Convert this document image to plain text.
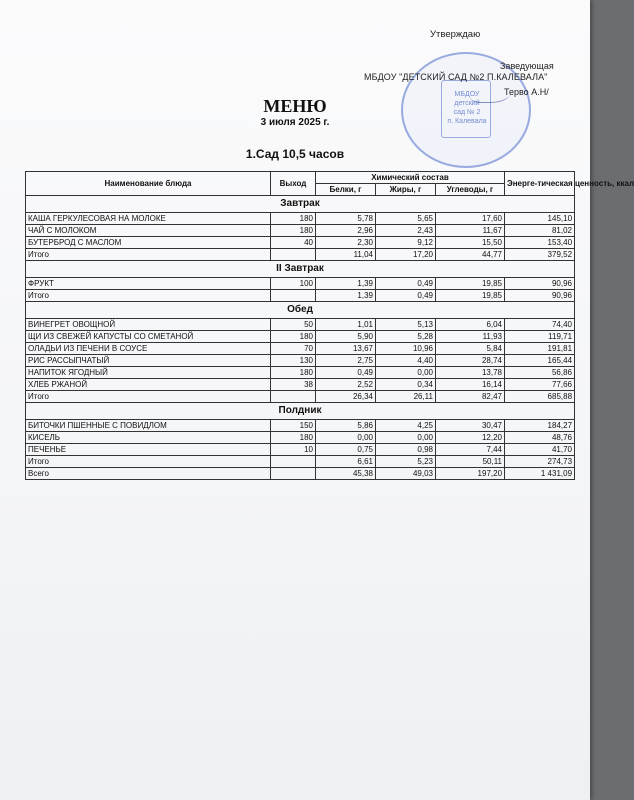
МБДОУ
детский
сад № 2
п. Калевала
Утверждаю
Заведующая
МБДОУ "ДЕТСКИЙ САД №2 П.КАЛЕВАЛА"
Терво А.Н/
МЕНЮ
3 июля 2025 г.
1.Сад 10,5 часов
Наименование блюда	Выход	Химический состав			Энерге-тическая ценность, ккал
		Белки, г	Жиры, г	Углеводы, г	
Завтрак					
КАША ГЕРКУЛЕСОВАЯ НА МОЛОКЕ	180	5,78	5,65	17,60	145,10
ЧАЙ С МОЛОКОМ	180	2,96	2,43	11,67	81,02
БУТЕРБРОД С МАСЛОМ	40	2,30	9,12	15,50	153,40
Итого		11,04	17,20	44,77	379,52
II Завтрак					
ФРУКТ	100	1,39	0,49	19,85	90,96
Итого		1,39	0,49	19,85	90,96
Обед					
ВИНЕГРЕТ ОВОЩНОЙ	50	1,01	5,13	6,04	74,40
ЩИ ИЗ СВЕЖЕЙ КАПУСТЫ СО СМЕТАНОЙ	180	5,90	5,28	11,93	119,71
ОЛАДЬИ ИЗ ПЕЧЕНИ В СОУСЕ	70	13,67	10,96	5,84	191,81
РИС РАССЫПЧАТЫЙ	130	2,75	4,40	28,74	165,44
НАПИТОК ЯГОДНЫЙ	180	0,49	0,00	13,78	56,86
ХЛЕБ РЖАНОЙ	38	2,52	0,34	16,14	77,66
Итого		26,34	26,11	82,47	685,88
Полдник					
БИТОЧКИ ПШЕННЫЕ С ПОВИДЛОМ	150	5,86	4,25	30,47	184,27
КИСЕЛЬ	180	0,00	0,00	12,20	48,76
ПЕЧЕНЬЕ	10	0,75	0,98	7,44	41,70
Итого		6,61	5,23	50,11	274,73
Всего		45,38	49,03	197,20	1 431,09
